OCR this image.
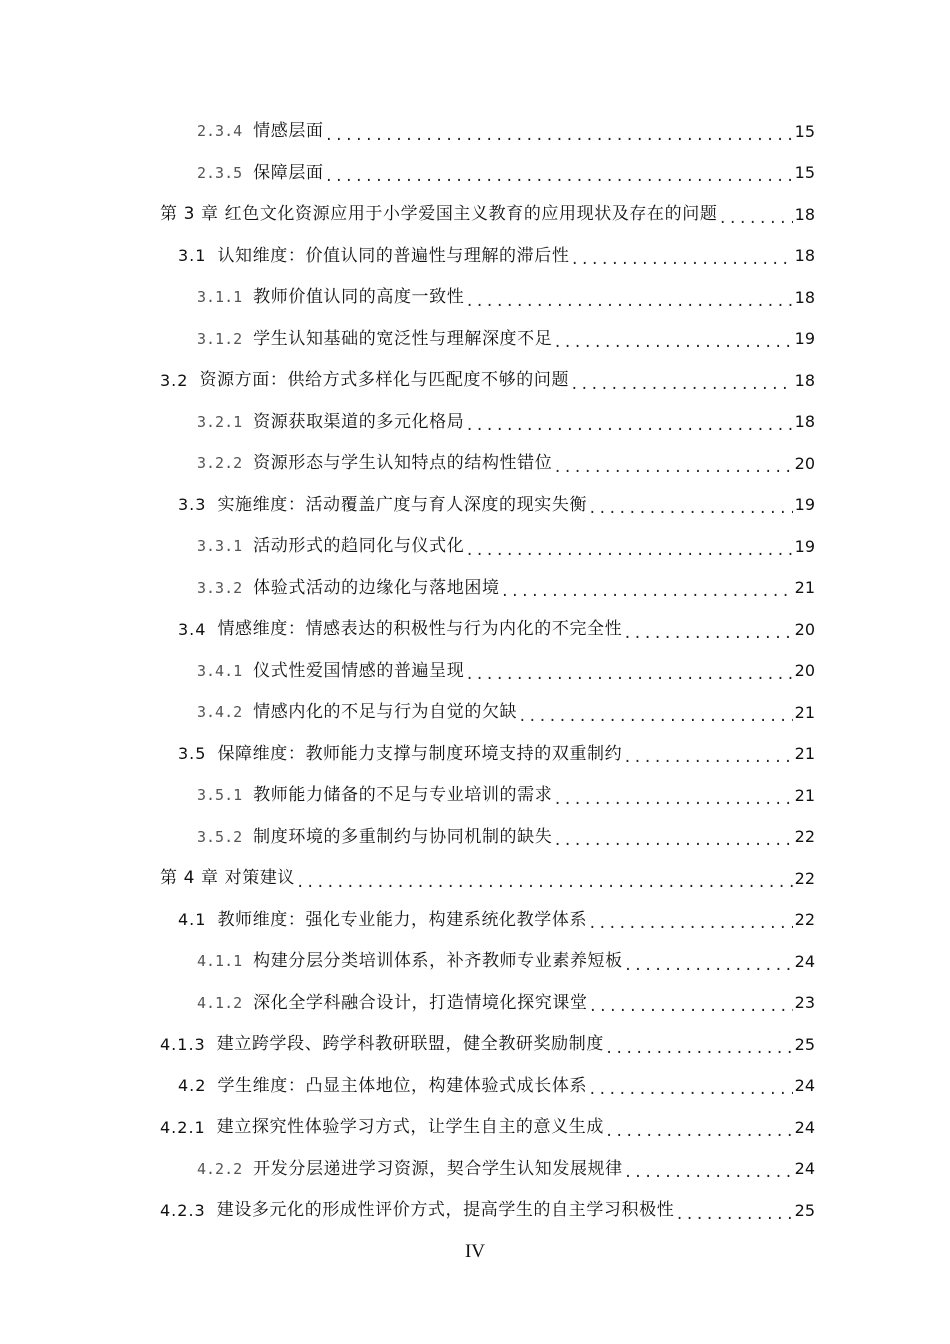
2.3.4 情感层面 .....	15
2.3.5 保障层面 .....	15
第 3 章 红色文化资源应用于小学爱国主义教育的应用现状及存在的问题 .....	18
3.1 认知维度：价值认同的普遍性与理解的滞后性 .....	18
3.1.1 教师价值认同的高度一致性 .....	18
3.1.2 学生认知基础的宽泛性与理解深度不足 .....	19
3.2 资源方面：供给方式多样化与匹配度不够的问题 .....	18
3.2.1 资源获取渠道的多元化格局 .....	18
3.2.2 资源形态与学生认知特点的结构性错位 .....	20
3.3 实施维度：活动覆盖广度与育人深度的现实失衡 .....	19
3.3.1 活动形式的趋同化与仪式化 .....	19
3.3.2 体验式活动的边缘化与落地困境 .....	21
3.4 情感维度：情感表达的积极性与行为内化的不完全性 .....	20
3.4.1 仪式性爱国情感的普遍呈现 .....	20
3.4.2 情感内化的不足与行为自觉的欠缺 .....	21
3.5 保障维度：教师能力支撑与制度环境支持的双重制约 .....	21
3.5.1 教师能力储备的不足与专业培训的需求 .....	21
3.5.2 制度环境的多重制约与协同机制的缺失 .....	22
第 4 章 对策建议 .....	22
4.1 教师维度：强化专业能力，构建系统化教学体系 .....	22
4.1.1 构建分层分类培训体系，补齐教师专业素养短板 .....	24
4.1.2 深化全学科融合设计，打造情境化探究课堂 .....	23
4.1.3 建立跨学段、跨学科教研联盟，健全教研奖励制度 .....	25
4.2 学生维度：凸显主体地位，构建体验式成长体系 .....	24
4.2.1 建立探究性体验学习方式，让学生自主的意义生成 .....	24
4.2.2 开发分层递进学习资源，契合学生认知发展规律 .....	24
4.2.3 建设多元化的形成性评价方式，提高学生的自主学习积极性 .....	25
IV
